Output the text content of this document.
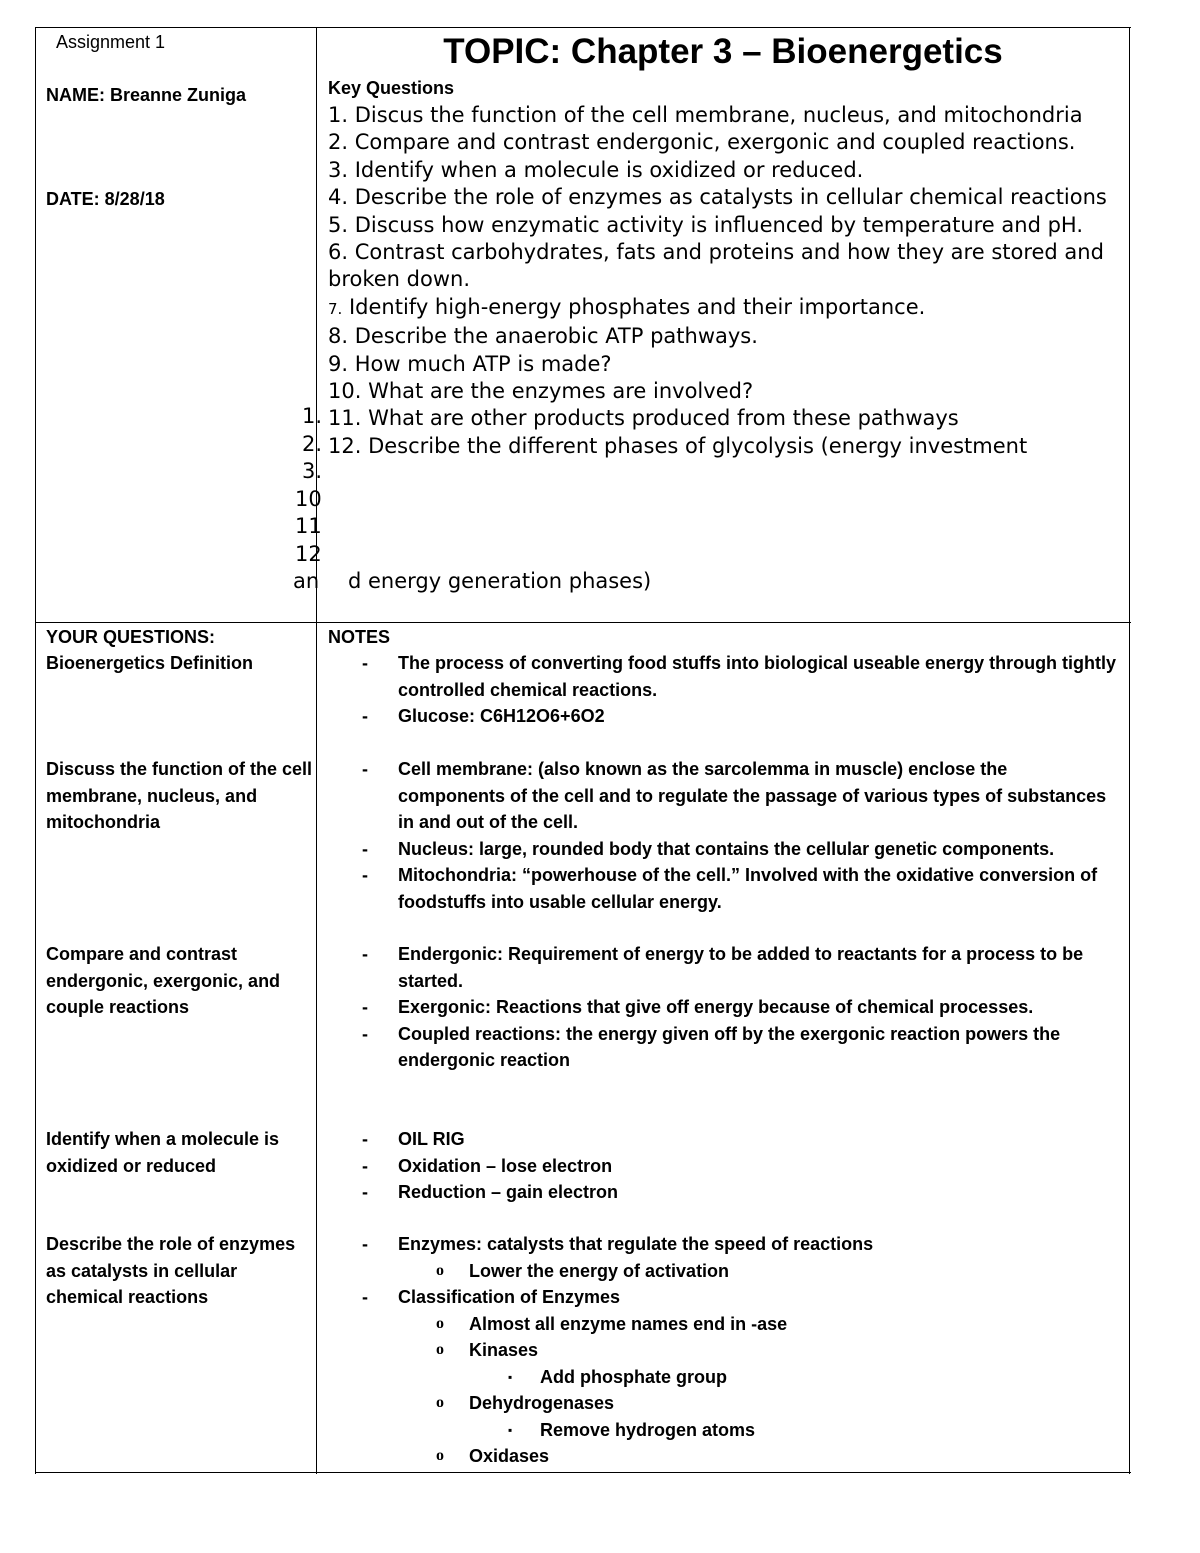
Assignment 1
NAME: Breanne Zuniga
DATE: 8/28/18
TOPIC: Chapter 3 – Bioenergetics
Key Questions

1. Discus the function of the cell membrane, nucleus, and mitochondria

2. Compare and contrast endergonic, exergonic and coupled reactions.

3. Identify when a molecule is oxidized or reduced.

4. Describe the role of enzymes as catalysts in cellular chemical reactions

5. Discuss how enzymatic activity is influenced by temperature and pH.

6. Contrast carbohydrates, fats and proteins and how they are stored and broken down.

7. Identify high-energy phosphates and their importance.

8. Describe the anaerobic ATP pathways.

9. How much ATP is made?

10. What are the enzymes are involved?

11. What are other products produced from these pathways

12. Describe the different phases of glycolysis (energy investment

d energy generation phases)
1.
2.
3.
10
11
12
an
YOUR QUESTIONS:	NOTES
Bioenergetics Definition
Discuss the function of the cell membrane, nucleus, and mitochondria
Compare and contrast endergonic, exergonic, and couple reactions
Identify when a molecule is oxidized or reduced
Describe the role of enzymes as catalysts in cellular chemical reactions
- The process of converting food stuffs into biological useable energy through tightly controlled chemical reactions.
- Glucose: C6H12O6+6O2
- Cell membrane: (also known as the sarcolemma in muscle) enclose the components of the cell and to regulate the passage of various types of substances in and out of the cell.
- Nucleus: large, rounded body that contains the cellular genetic components.
- Mitochondria: “powerhouse of the cell.” Involved with the oxidative conversion of foodstuffs into usable cellular energy.
- Endergonic: Requirement of energy to be added to reactants for a process to be started.
- Exergonic: Reactions that give off energy because of chemical processes.
- Coupled reactions: the energy given off by the exergonic reaction powers the endergonic reaction
- OIL RIG
- Oxidation – lose electron
- Reduction – gain electron
- Enzymes: catalysts that regulate the speed of reactions
o Lower the energy of activation
- Classification of Enzymes
o Almost all enzyme names end in -ase
o Kinases
▪ Add phosphate group
o Dehydrogenases
▪ Remove hydrogen atoms
o Oxidases
